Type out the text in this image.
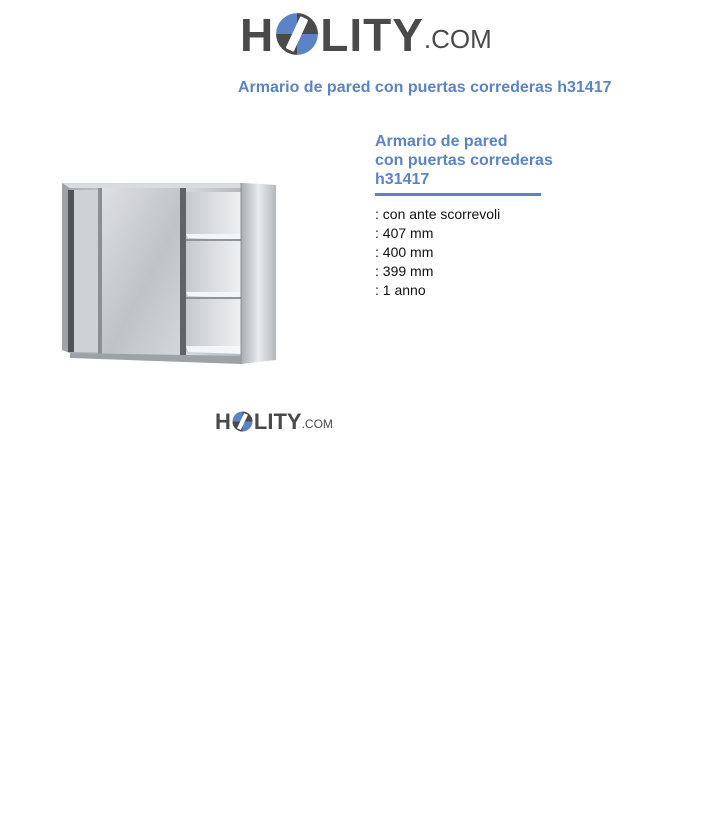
H LITY .COM
Armario de pared con puertas correderas h31417
Armario de pared
con puertas correderas
h31417
: con ante scorrevoli
: 407 mm
: 400 mm
: 399 mm
: 1 anno
H LITY .COM
